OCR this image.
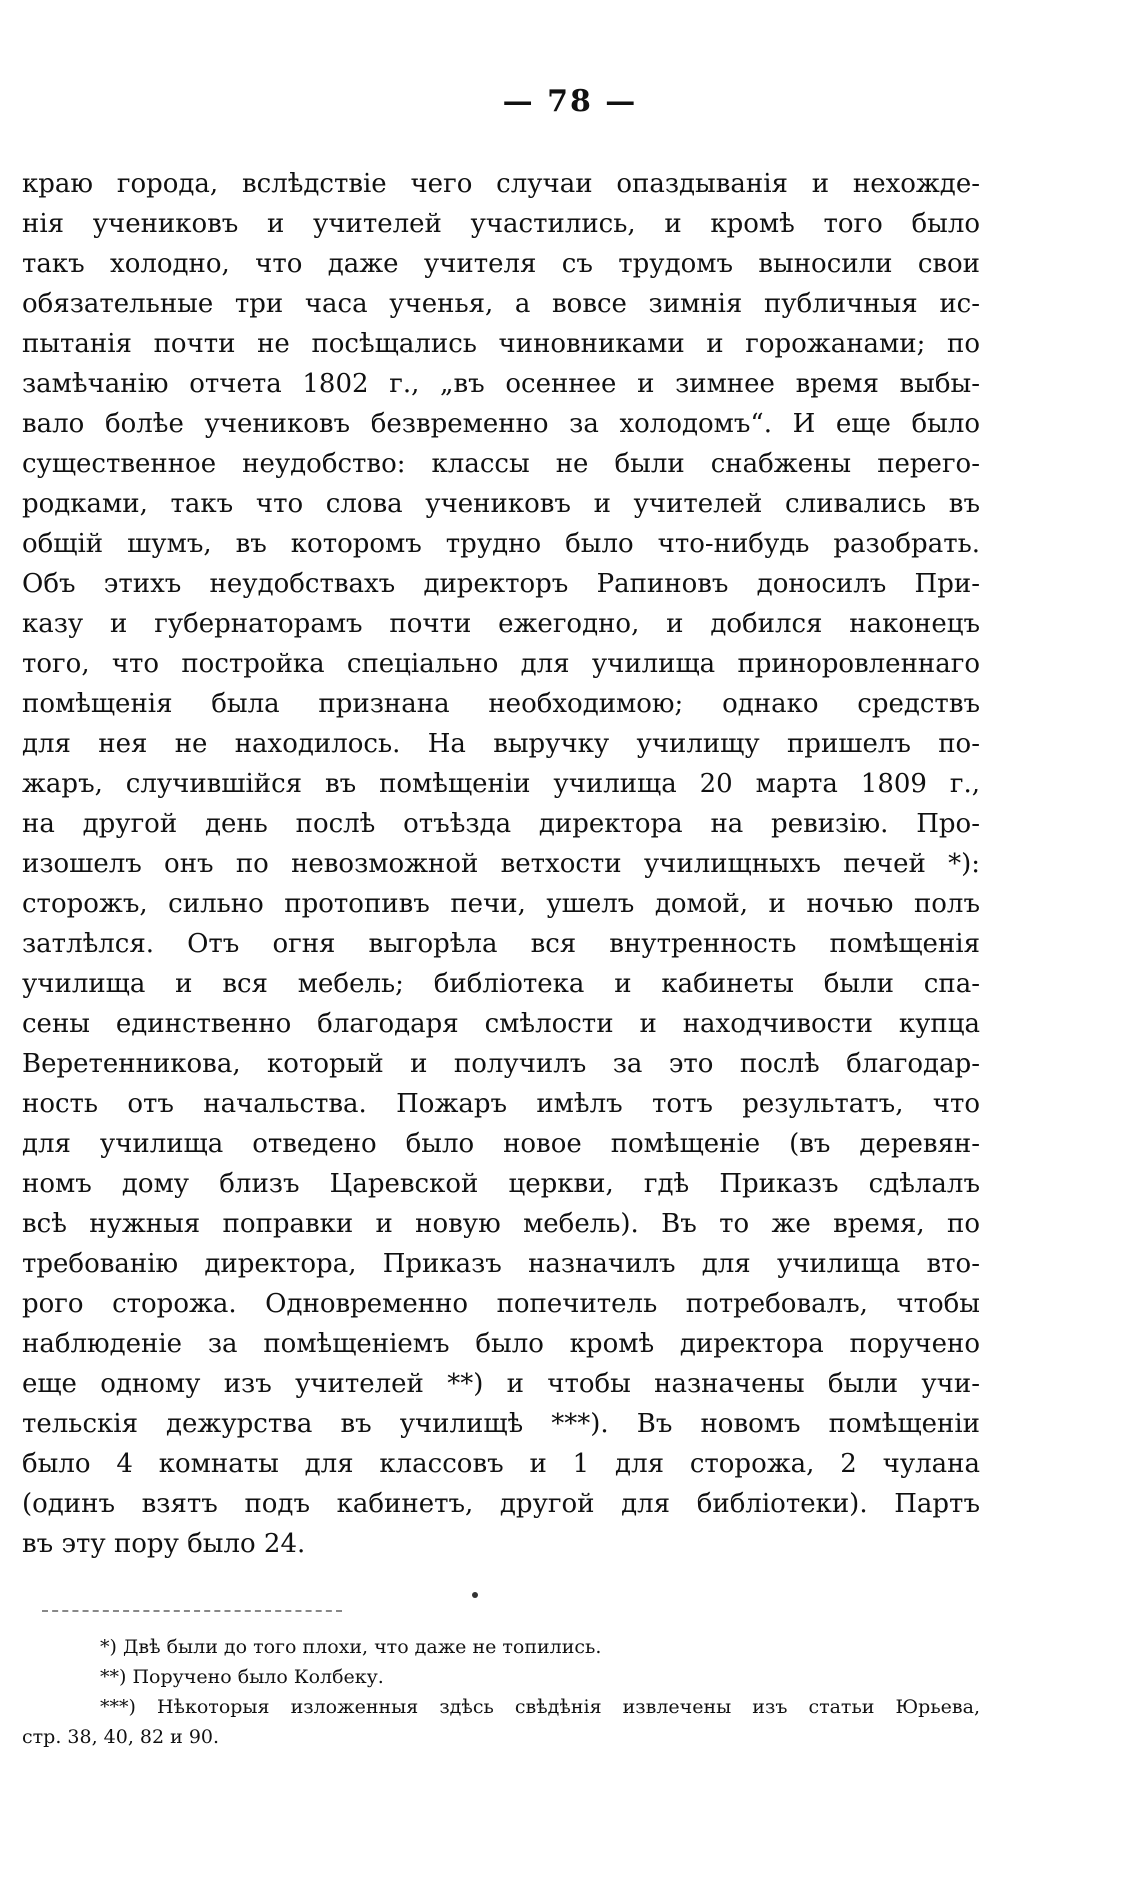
— 78 —
краю города, вслѣдствіе чего случаи опаздыванія и нехожде-
нія учениковъ и учителей участились, и кромѣ того было
такъ холодно, что даже учителя съ трудомъ выносили свои
обязательные три часа ученья, а вовсе зимнія публичныя ис-
пытанія почти не посѣщались чиновниками и горожанами; по
замѣчанію отчета 1802 г., „въ осеннее и зимнее время выбы-
вало болѣе учениковъ безвременно за холодомъ“. И еще было
существенное неудобство: классы не были снабжены перего-
родками, такъ что слова учениковъ и учителей сливались въ
общій шумъ, въ которомъ трудно было что-нибудь разобрать.
Объ этихъ неудобствахъ директоръ Рапиновъ доносилъ При-
казу и губернаторамъ почти ежегодно, и добился наконецъ
того, что постройка спеціально для училища приноровленнаго
помѣщенія была признана необходимою; однако средствъ
для нея не находилось. На выручку училищу пришелъ по-
жаръ, случившійся въ помѣщеніи училища 20 марта 1809 г.,
на другой день послѣ отъѣзда директора на ревизію. Про-
изошелъ онъ по невозможной ветхости училищныхъ печей *):
сторожъ, сильно протопивъ печи, ушелъ домой, и ночью полъ
затлѣлся. Отъ огня выгорѣла вся внутренность помѣщенія
училища и вся мебель; библіотека и кабинеты были спа-
сены единственно благодаря смѣлости и находчивости купца
Веретенникова, который и получилъ за это послѣ благодар-
ность отъ начальства. Пожаръ имѣлъ тотъ результатъ, что
для училища отведено было новое помѣщеніе (въ деревян-
номъ дому близъ Царевской церкви, гдѣ Приказъ сдѣлалъ
всѣ нужныя поправки и новую мебель). Въ то же время, по
требованію директора, Приказъ назначилъ для училища вто-
рого сторожа. Одновременно попечитель потребовалъ, чтобы
наблюденіе за помѣщеніемъ было кромѣ директора поручено
еще одному изъ учителей **) и чтобы назначены были учи-
тельскія дежурства въ училищѣ ***). Въ новомъ помѣщеніи
было 4 комнаты для классовъ и 1 для сторожа, 2 чулана
(одинъ взятъ подъ кабинетъ, другой для библіотеки). Партъ
въ эту пору было 24.
*) Двѣ были до того плохи, что даже не топились.
**) Поручено было Колбеку.
***) Нѣкоторыя изложенныя здѣсь свѣдѣнія извлечены изъ статьи Юрьева,
стр. 38, 40, 82 и 90.
